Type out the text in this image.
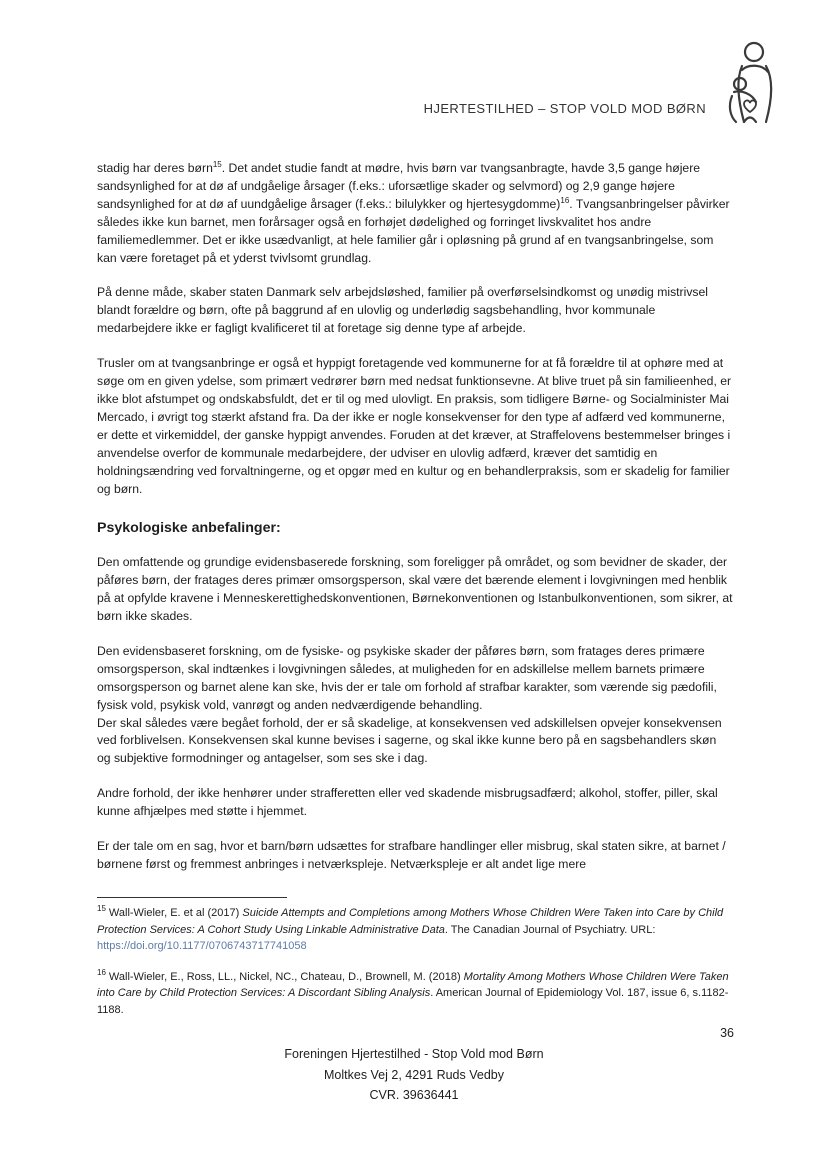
HJERTESTILHED – STOP VOLD MOD BØRN

stadig har deres børn$^{15}$. Det andet studie fandt at mødre, hvis børn var tvangsanbragte, havde 3,5 gange højere sandsynlighed for at dø af undgåelige årsager (f.eks.: uforsætlige skader og selvmord) og 2,9 gange højere sandsynlighed for at dø af uundgåelige årsager (f.eks.: bilulykker og hjertesygdomme)$^{16}$. Tvangsanbringelser påvirker således ikke kun barnet, men forårsager også en forhøjet dødelighed og forringet livskvalitet hos andre familiemedlemmer. Det er ikke usædvanligt, at hele familier går i opløsning på grund af en tvangsanbringelse, som kan være foretaget på et yderst tvivlsomt grundlag.

På denne måde, skaber staten Danmark selv arbejdsløshed, familier på overførselsindkomst og unødig mistrivsel blandt forældre og børn, ofte på baggrund af en ulovlig og underlødig sagsbehandling, hvor kommunale medarbejdere ikke er fagligt kvalificeret til at foretage sig denne type af arbejde.

Trusler om at tvangsanbringe er også et hyppigt foretagende ved kommunerne for at få forældre til at ophøre med at søge om en given ydelse, som primært vedrører børn med nedsat funktionsevne. At blive truet på sin familieenhed, er ikke blot afstumpet og ondskabsfuldt, det er til og med ulovligt. En praksis, som tidligere Børne- og Socialminister Mai Mercado, i øvrigt tog stærkt afstand fra. Da der ikke er nogle konsekvenser for den type af adfærd ved kommunerne, er dette et virkemiddel, der ganske hyppigt anvendes. Foruden at det kræver, at Straffelovens bestemmelser bringes i anvendelse overfor de kommunale medarbejdere, der udviser en ulovlig adfærd, kræver det samtidig en holdningsændring ved forvaltningerne, og et opgør med en kultur og en behandlerpraksis, som er skadelig for familier og børn.

Psykologiske anbefalinger:

Den omfattende og grundige evidensbaserede forskning, som foreligger på området, og som bevidner de skader, der påføres børn, der fratages deres primær omsorgsperson, skal være det bærende element i lovgivningen med henblik på at opfylde kravene i Menneskerettighedskonventionen, Børnekonventionen og Istanbulkonventionen, som sikrer, at børn ikke skades.

Den evidensbaseret forskning, om de fysiske- og psykiske skader der påføres børn, som fratages deres primære omsorgsperson, skal indtænkes i lovgivningen således, at muligheden for en adskillelse mellem barnets primære omsorgsperson og barnet alene kan ske, hvis der er tale om forhold af strafbar karakter, som værende sig pædofili, fysisk vold, psykisk vold, vanrøgt og anden nedværdigende behandling.

Der skal således være begået forhold, der er så skadelige, at konsekvensen ved adskillelsen opvejer konsekvensen ved forblivelsen. Konsekvensen skal kunne bevises i sagerne, og skal ikke kunne bero på en sagsbehandlers skøn og subjektive formodninger og antagelser, som ses ske i dag.

Andre forhold, der ikke henhører under strafferetten eller ved skadende misbrugsadfærd; alkohol, stoffer, piller, skal kunne afhjælpes med støtte i hjemmet.

Er der tale om en sag, hvor et barn/børn udsættes for strafbare handlinger eller misbrug, skal staten sikre, at barnet / børnene først og fremmest anbringes i netværkspleje. Netværkspleje er alt andet lige mere

$^{15}$ Wall-Wieler, E. et al (2017) Suicide Attempts and Completions among Mothers Whose Children Were Taken into Care by Child Protection Services: A Cohort Study Using Linkable Administrative Data. The Canadian Journal of Psychiatry. URL: https://doi.org/10.1177/0706743717741058

$^{16}$ Wall-Wieler, E., Ross, LL., Nickel, NC., Chateau, D., Brownell, M. (2018) Mortality Among Mothers Whose Children Were Taken into Care by Child Protection Services: A Discordant Sibling Analysis. American Journal of Epidemiology Vol. 187, issue 6, s.1182-1188.

36
Foreningen Hjertestilhed - Stop Vold mod Børn
Moltkes Vej 2, 4291 Ruds Vedby
CVR. 39636441
